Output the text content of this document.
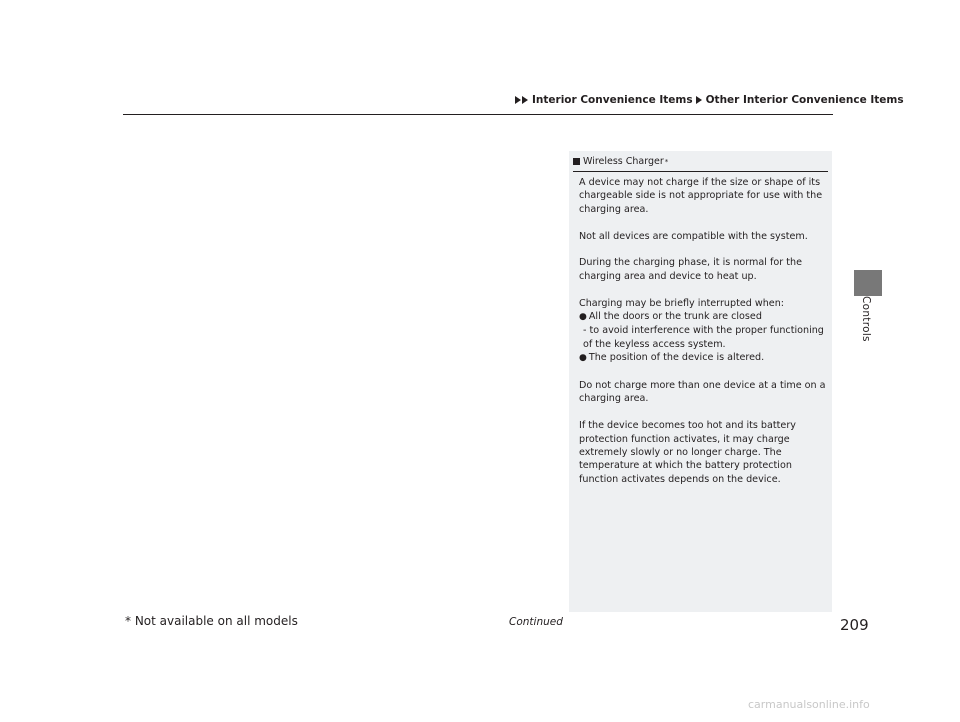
Interior Convenience Items Other Interior Convenience Items
Wireless Charger *

A device may not charge if the size or shape of its chargeable side is not appropriate for use with the charging area.

Not all devices are compatible with the system.

During the charging phase, it is normal for the charging area and device to heat up.

Charging may be briefly interrupted when:
● All the doors or the trunk are closed
- to avoid interference with the proper functioning of the keyless access system.
● The position of the device is altered.

Do not charge more than one device at a time on a charging area.

If the device becomes too hot and its battery protection function activates, it may charge extremely slowly or no longer charge. The temperature at which the battery protection function activates depends on the device.

Controls
* Not available on all models	Continued	209
carmanualsonline.info
